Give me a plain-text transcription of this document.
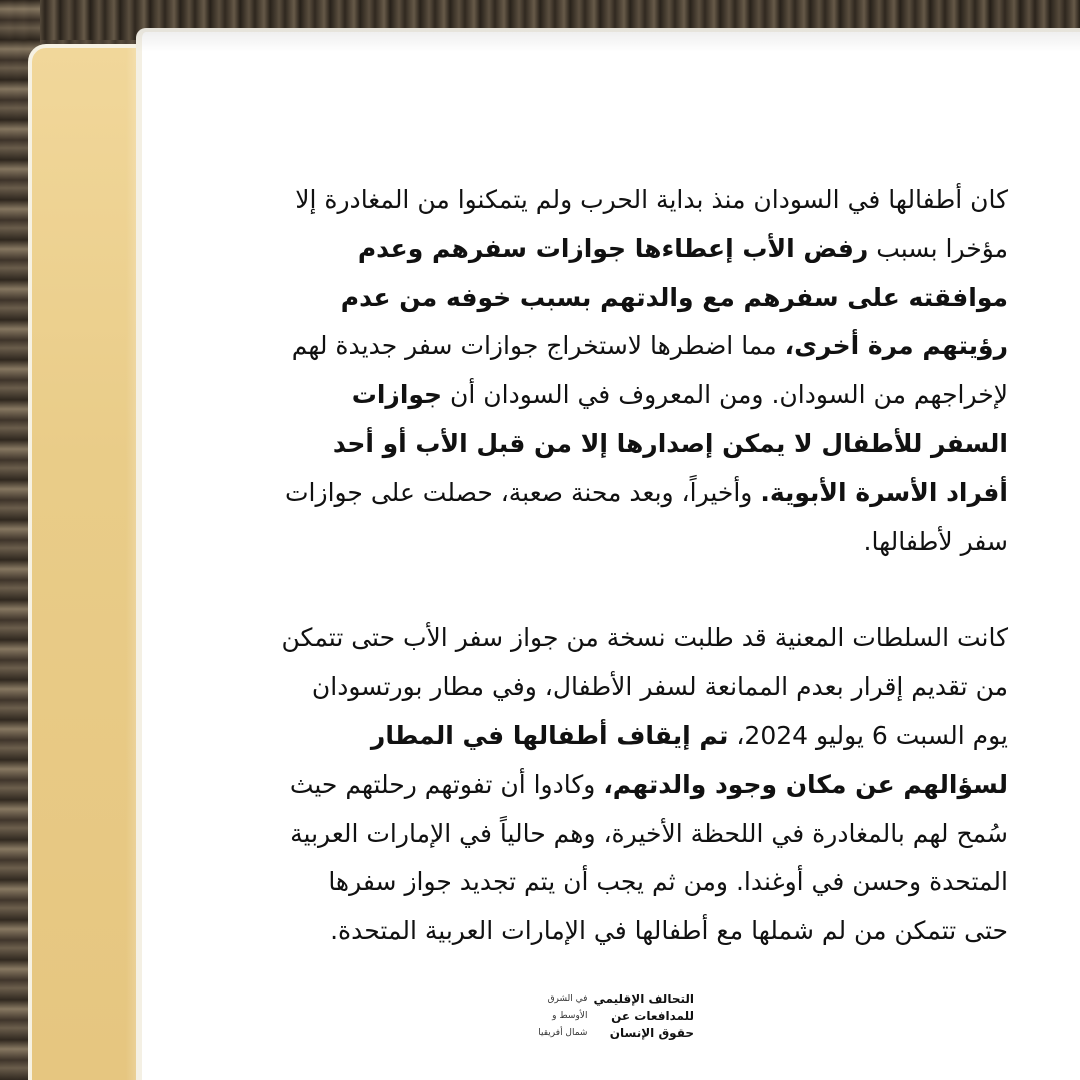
كان أطفالها في السودان منذ بداية الحرب ولم يتمكنوا من المغادرة إلا مؤخرا بسبب رفض الأب إعطاءها جوازات سفرهم وعدم موافقته على سفرهم مع والدتهم بسبب خوفه من عدم رؤيتهم مرة أخرى، مما اضطرها لاستخراج جوازات سفر جديدة لهم لإخراجهم من السودان. ومن المعروف في السودان أن جوازات السفر للأطفال لا يمكن إصدارها إلا من قبل الأب أو أحد أفراد الأسرة الأبوية. وأخيراً، وبعد محنة صعبة، حصلت على جوازات سفر لأطفالها.

كانت السلطات المعنية قد طلبت نسخة من جواز سفر الأب حتى تتمكن من تقديم إقرار بعدم الممانعة لسفر الأطفال، وفي مطار بورتسودان يوم السبت 6 يوليو 2024، تم إيقاف أطفالها في المطار لسؤالهم عن مكان وجود والدتهم، وكادوا أن تفوتهم رحلتهم حيث سُمح لهم بالمغادرة في اللحظة الأخيرة، وهم حالياً في الإمارات العربية المتحدة وحسن في أوغندا. ومن ثم يجب أن يتم تجديد جواز سفرها حتى تتمكن من لم شملها مع أطفالها في الإمارات العربية المتحدة.

التحالف الإقليمي
للمدافعات عن
حقوق الإنسان
في الشرق
الأوسط و
شمال أفريقيا
